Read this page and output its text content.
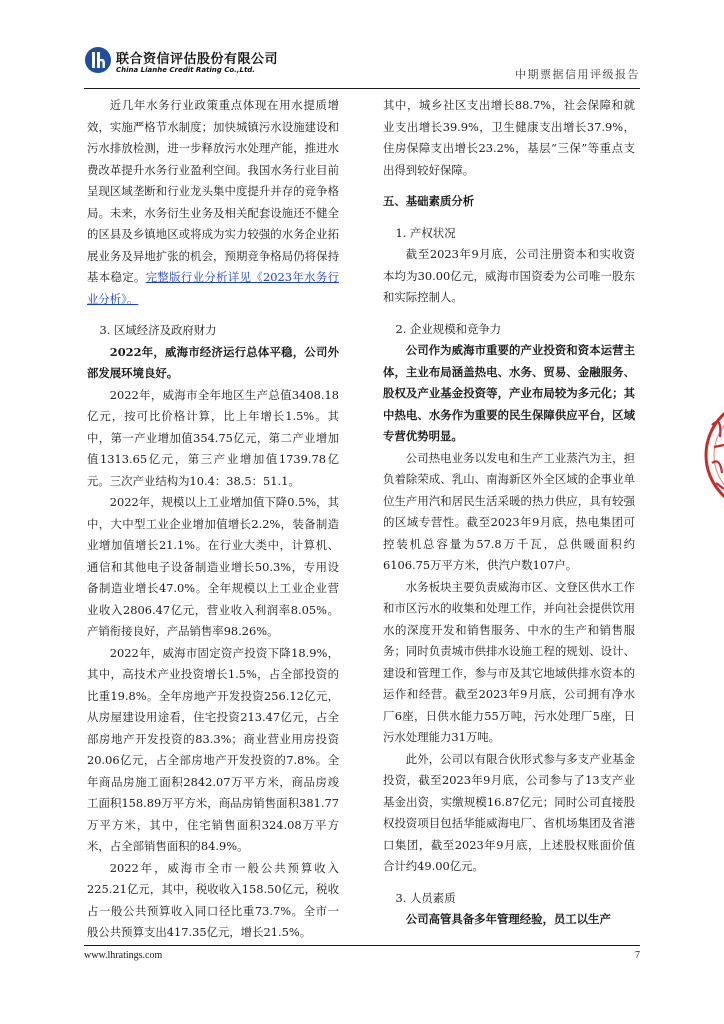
联合资信评估股份有限公司
China Lianhe Credit Rating Co.,Ltd.	中期票据信用评级报告

近几年水务行业政策重点体现在用水提质增效，实施严格节水制度；加快城镇污水设施建设和污水排放检测，进一步释放污水处理产能，推进水费改革提升水务行业盈利空间。我国水务行业目前呈现区域垄断和行业龙头集中度提升并存的竞争格局。未来，水务衍生业务及相关配套设施还不健全的区县及乡镇地区或将成为实力较强的水务企业拓展业务及异地扩张的机会，预期竞争格局仍将保持基本稳定。完整版行业分析详见《2023年水务行业分析》。

3. 区域经济及政府财力

2022年，威海市经济运行总体平稳，公司外部发展环境良好。

2022年，威海市全年地区生产总值3408.18亿元，按可比价格计算，比上年增长1.5%。其中，第一产业增加值354.75亿元，第二产业增加值1313.65亿元，第三产业增加值1739.78亿元。三次产业结构为10.4：38.5：51.1。

2022年，规模以上工业增加值下降0.5%，其中，大中型工业企业增加值增长2.2%，装备制造业增加值增长21.1%。在行业大类中，计算机、通信和其他电子设备制造业增长50.3%，专用设备制造业增长47.0%。全年规模以上工业企业营业收入2806.47亿元，营业收入利润率8.05%。产销衔接良好，产品销售率98.26%。

2022年，威海市固定资产投资下降18.9%，其中，高技术产业投资增长1.5%，占全部投资的比重19.8%。全年房地产开发投资256.12亿元，从房屋建设用途看，住宅投资213.47亿元，占全部房地产开发投资的83.3%；商业营业用房投资20.06亿元，占全部房地产开发投资的7.8%。全年商品房施工面积2842.07万平方米，商品房竣工面积158.89万平方米，商品房销售面积381.77万平方米，其中，住宅销售面积324.08万平方米，占全部销售面积的84.9%。

2022年，威海市全市一般公共预算收入225.21亿元，其中，税收收入158.50亿元，税收占一般公共预算收入同口径比重73.7%。全市一般公共预算支出417.35亿元，增长21.5%。

其中，城乡社区支出增长88.7%，社会保障和就业支出增长39.9%，卫生健康支出增长37.9%，住房保障支出增长23.2%，基层“三保”等重点支出得到较好保障。

五、基础素质分析
1. 产权状况

截至2023年9月底，公司注册资本和实收资本均为30.00亿元，威海市国资委为公司唯一股东和实际控制人。

2. 企业规模和竞争力

公司作为威海市重要的产业投资和资本运营主体，主业布局涵盖热电、水务、贸易、金融服务、股权及产业基金投资等，产业布局较为多元化；其中热电、水务作为重要的民生保障供应平台，区域专营优势明显。

公司热电业务以发电和生产工业蒸汽为主，担负着除荣成、乳山、南海新区外全区域的企事业单位生产用汽和居民生活采暖的热力供应，具有较强的区域专营性。截至2023年9月底，热电集团可控装机总容量为57.8万千瓦，总供暖面积约6106.75万平方米，供汽户数107户。

水务板块主要负责威海市区、文登区供水工作和市区污水的收集和处理工作，并向社会提供饮用水的深度开发和销售服务、中水的生产和销售服务；同时负责城市供排水设施工程的规划、设计、建设和管理工作，参与市及其它地域供排水资本的运作和经营。截至2023年9月底，公司拥有净水厂6座，日供水能力55万吨，污水处理厂5座，日污水处理能力31万吨。

此外，公司以有限合伙形式参与多支产业基金投资，截至2023年9月底，公司参与了13支产业基金出资，实缴规模16.87亿元；同时公司直接股权投资项目包括华能威海电厂、省机场集团及省港口集团，截至2023年9月底，上述股权账面价值合计约49.00亿元。

3. 人员素质

公司高管具备多年管理经验，员工以生产

www.lhratings.com	7
